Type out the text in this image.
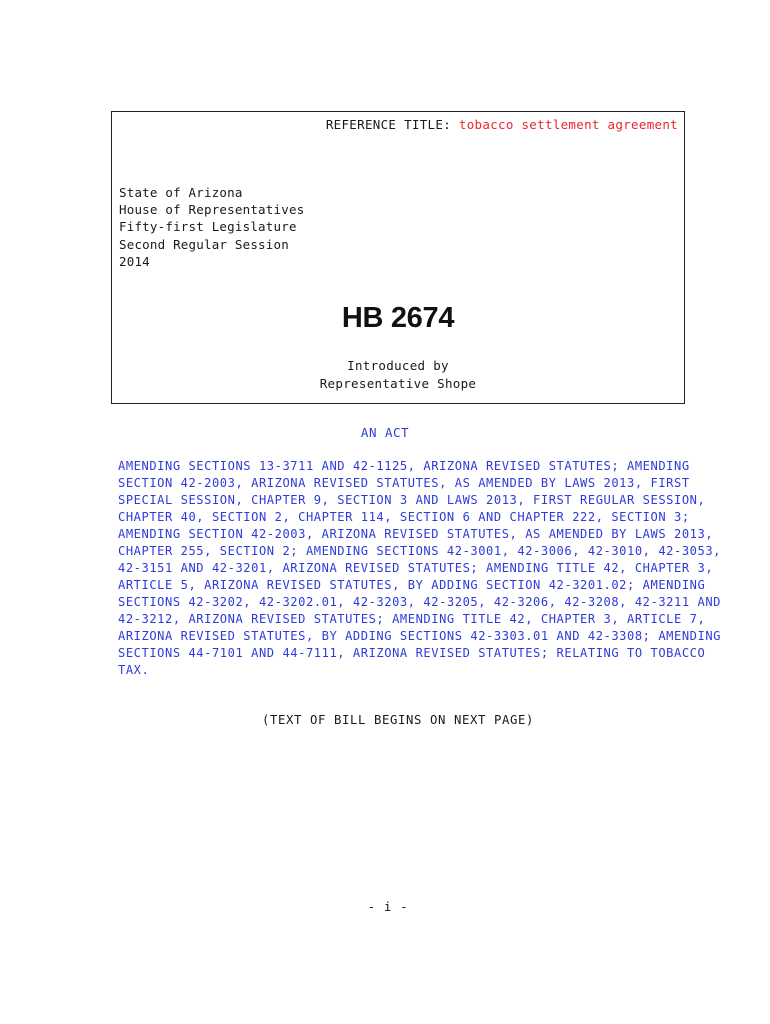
REFERENCE TITLE: tobacco settlement agreement
State of Arizona
House of Representatives
Fifty-first Legislature
Second Regular Session
2014
HB 2674
Introduced by
Representative Shope
AN ACT
AMENDING SECTIONS 13-3711 AND 42-1125, ARIZONA REVISED STATUTES; AMENDING
SECTION 42-2003, ARIZONA REVISED STATUTES, AS AMENDED BY LAWS 2013, FIRST
SPECIAL SESSION, CHAPTER 9, SECTION 3 AND LAWS 2013, FIRST REGULAR SESSION,
CHAPTER 40, SECTION 2, CHAPTER 114, SECTION 6 AND CHAPTER 222, SECTION 3;
AMENDING SECTION 42-2003, ARIZONA REVISED STATUTES, AS AMENDED BY LAWS 2013,
CHAPTER 255, SECTION 2; AMENDING SECTIONS 42-3001, 42-3006, 42-3010, 42-3053,
42-3151 AND 42-3201, ARIZONA REVISED STATUTES; AMENDING TITLE 42, CHAPTER 3,
ARTICLE 5, ARIZONA REVISED STATUTES, BY ADDING SECTION 42-3201.02; AMENDING
SECTIONS 42-3202, 42-3202.01, 42-3203, 42-3205, 42-3206, 42-3208, 42-3211 AND
42-3212, ARIZONA REVISED STATUTES; AMENDING TITLE 42, CHAPTER 3, ARTICLE 7,
ARIZONA REVISED STATUTES, BY ADDING SECTIONS 42-3303.01 AND 42-3308; AMENDING
SECTIONS 44-7101 AND 44-7111, ARIZONA REVISED STATUTES; RELATING TO TOBACCO
TAX.
(TEXT OF BILL BEGINS ON NEXT PAGE)
- i -
